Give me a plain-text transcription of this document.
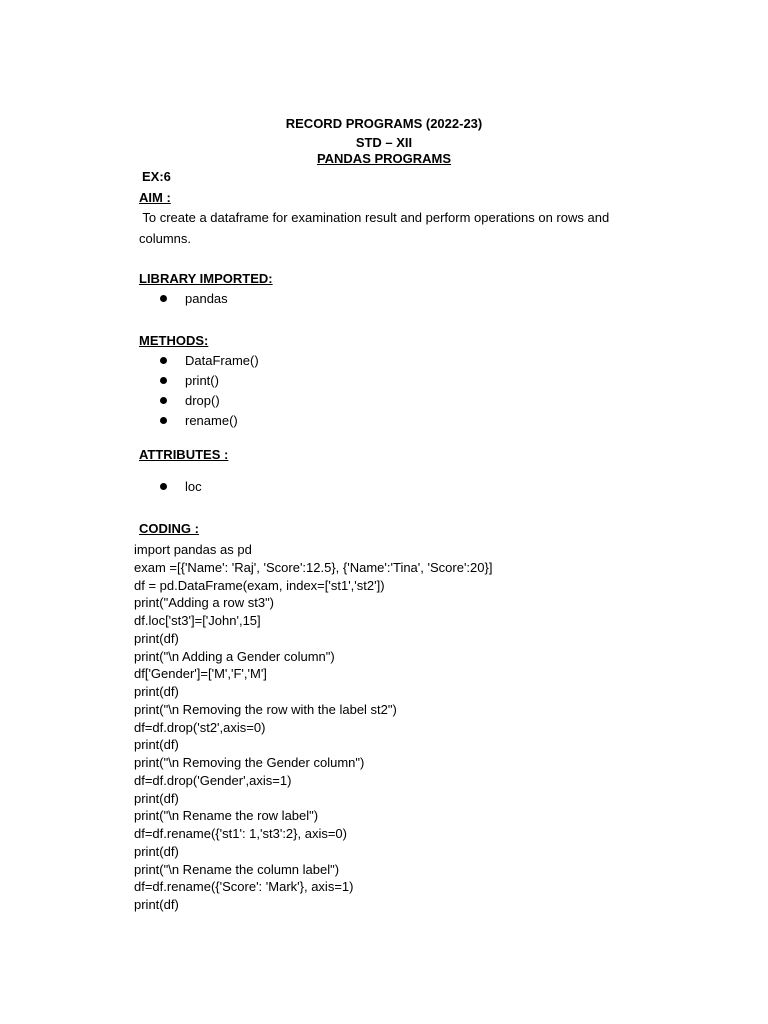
RECORD PROGRAMS (2022-23)
STD – XII
PANDAS PROGRAMS
EX:6
AIM :
To create a dataframe for examination result and perform operations on rows and
columns.
LIBRARY IMPORTED:
pandas
METHODS:
DataFrame()
print()
drop()
rename()
ATTRIBUTES :
loc
CODING :
import pandas as pd
exam =[{'Name': 'Raj', 'Score':12.5}, {'Name':'Tina', 'Score':20}]
df = pd.DataFrame(exam, index=['st1','st2'])
print("Adding a row st3")
df.loc['st3']=['John',15]
print(df)
print("\n Adding a Gender column")
df['Gender']=['M','F','M']
print(df)
print("\n Removing the row with the label st2")
df=df.drop('st2',axis=0)
print(df)
print("\n Removing the Gender column")
df=df.drop('Gender',axis=1)
print(df)
print("\n Rename the row label")
df=df.rename({'st1': 1,'st3':2}, axis=0)
print(df)
print("\n Rename the column label")
df=df.rename({'Score': 'Mark'}, axis=1)
print(df)
